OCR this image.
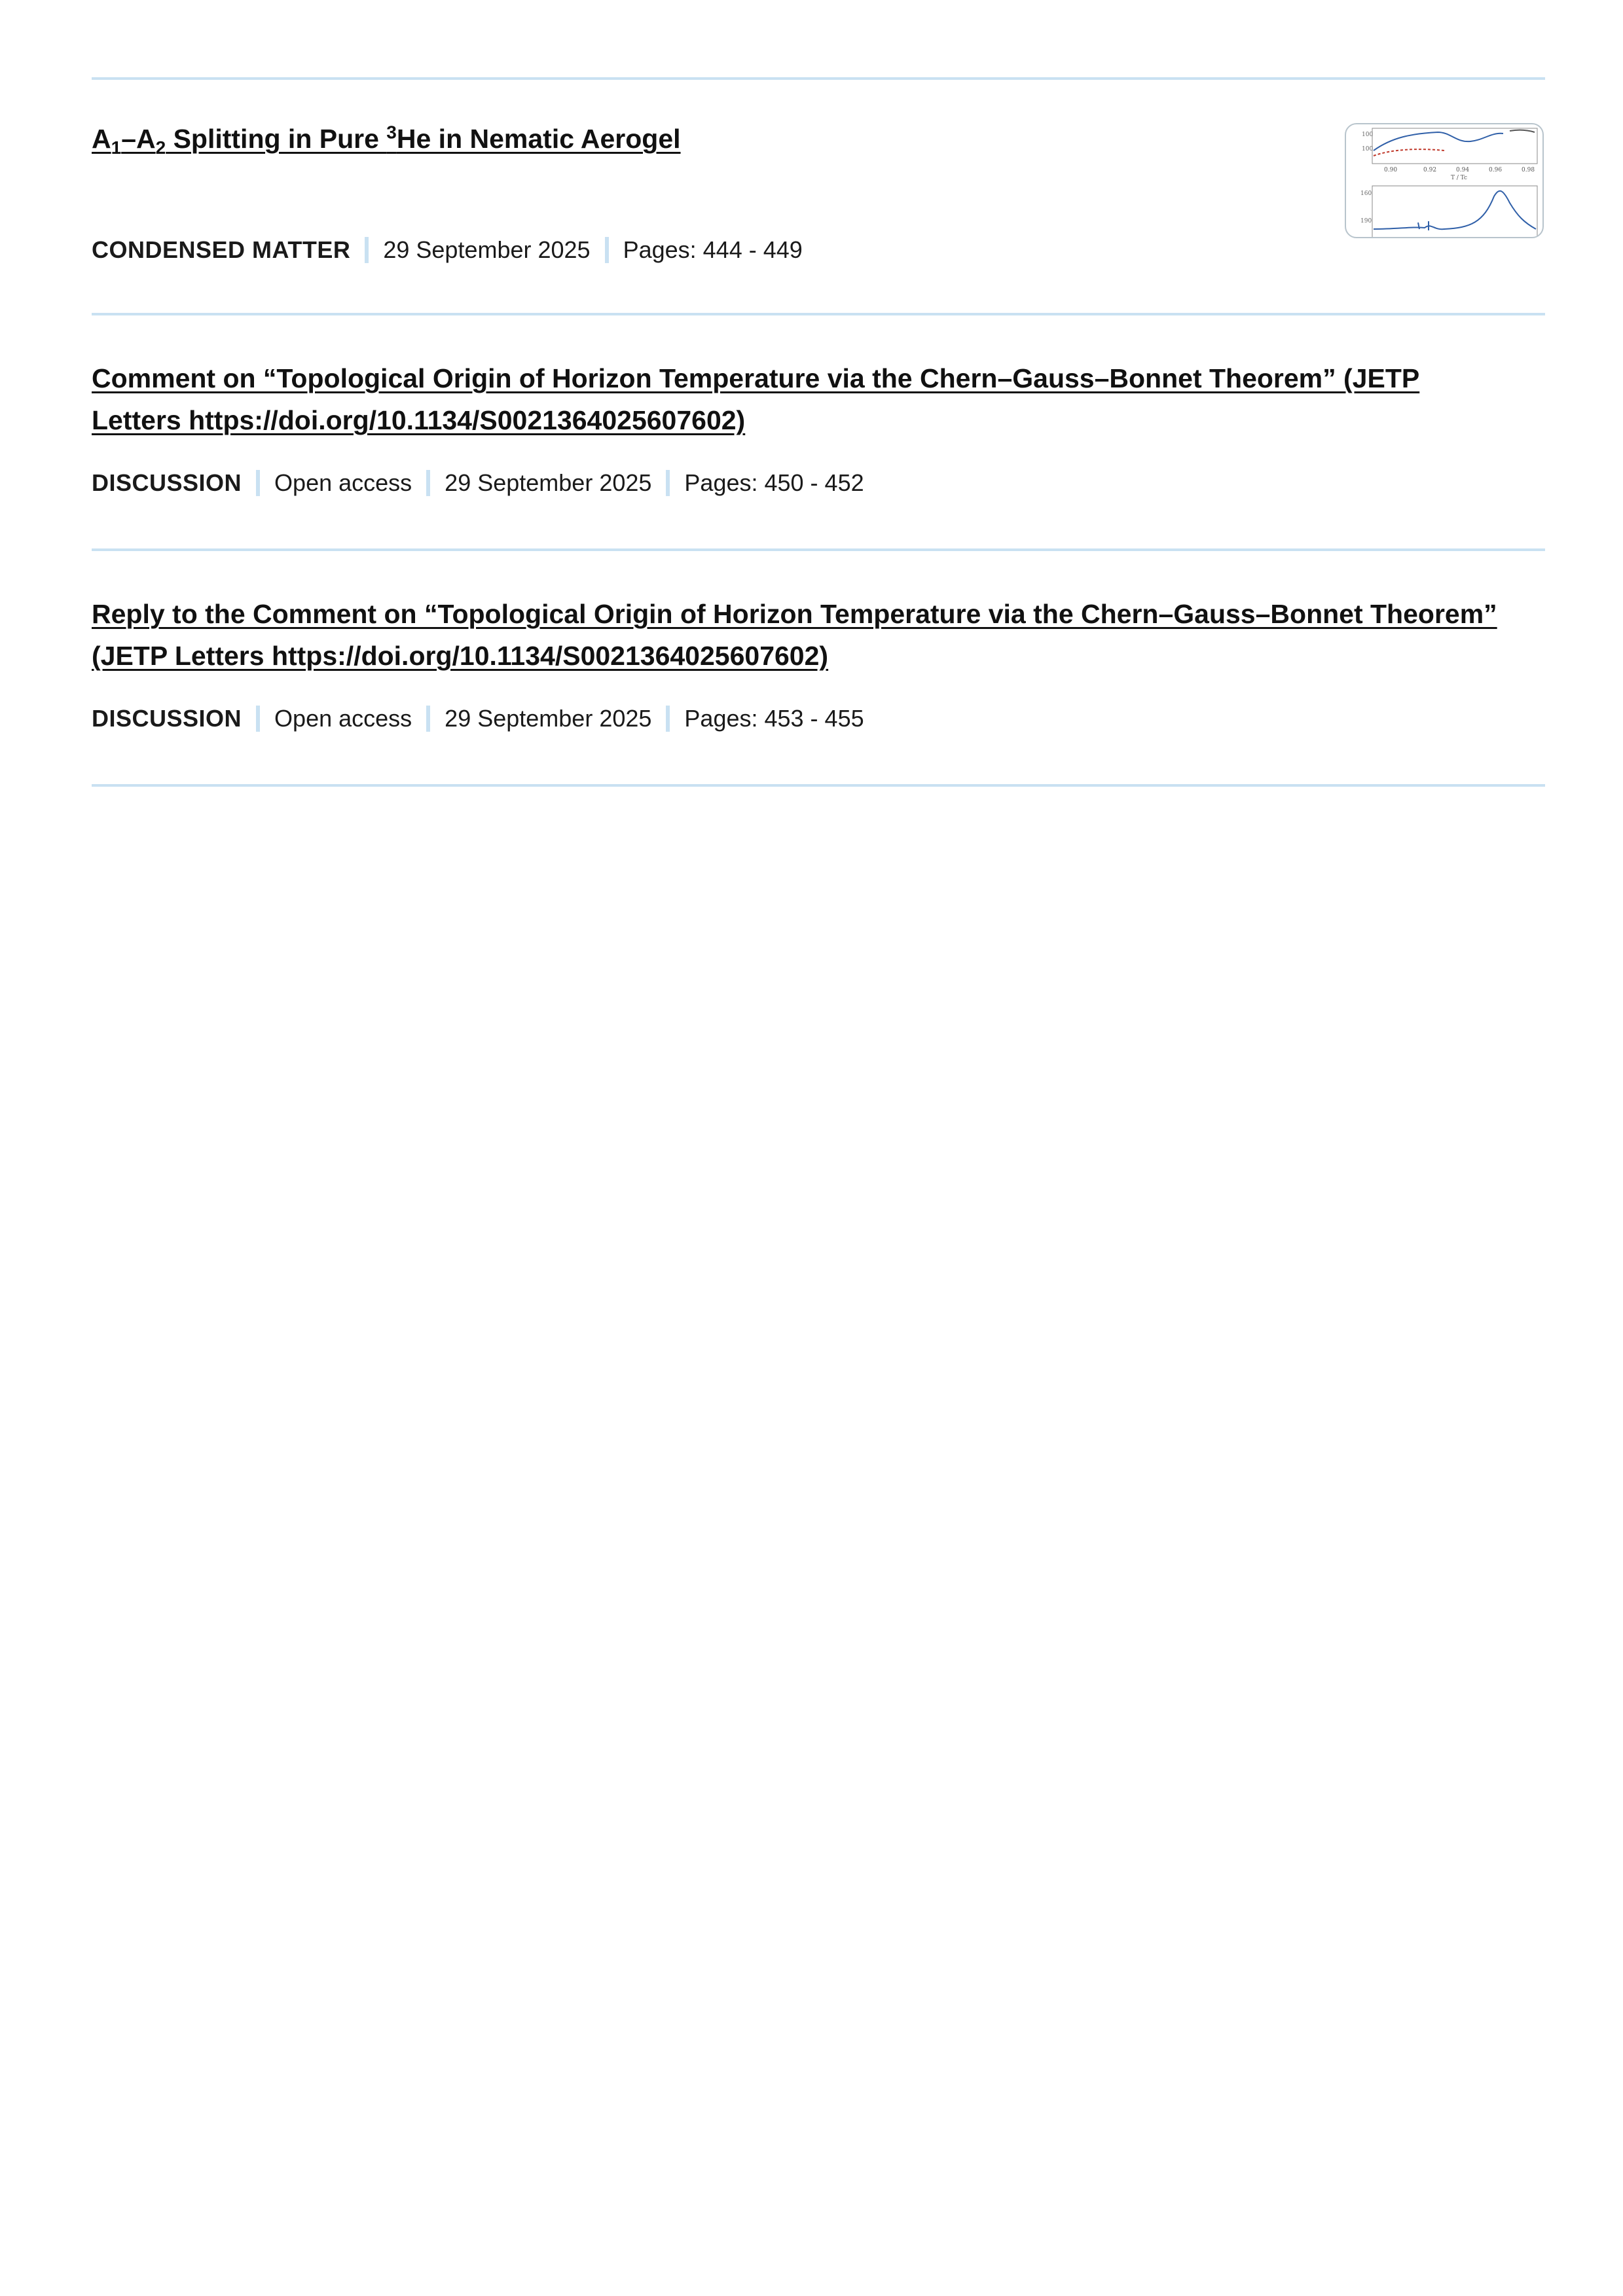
$A_1-A_2$ Splitting in Pure $^3$He in Nematic Aerogel	100
100
0.90	0.92	0.94	0.96	0.98
T / Tc
160
190
CONDENSED MATTER 29 September 2025 Pages: 444 - 449
Comment on “Topological Origin of Horizon Temperature via the Chern–Gauss–Bonnet Theorem” (JETP Letters https://doi.org/10.1134/S0021364025607602)
DISCUSSION Open access 29 September 2025 Pages: 450 - 452
Reply to the Comment on “Topological Origin of Horizon Temperature via the Chern–Gauss–Bonnet Theorem” (JETP Letters https://doi.org/10.1134/S0021364025607602)
DISCUSSION Open access 29 September 2025 Pages: 453 - 455
